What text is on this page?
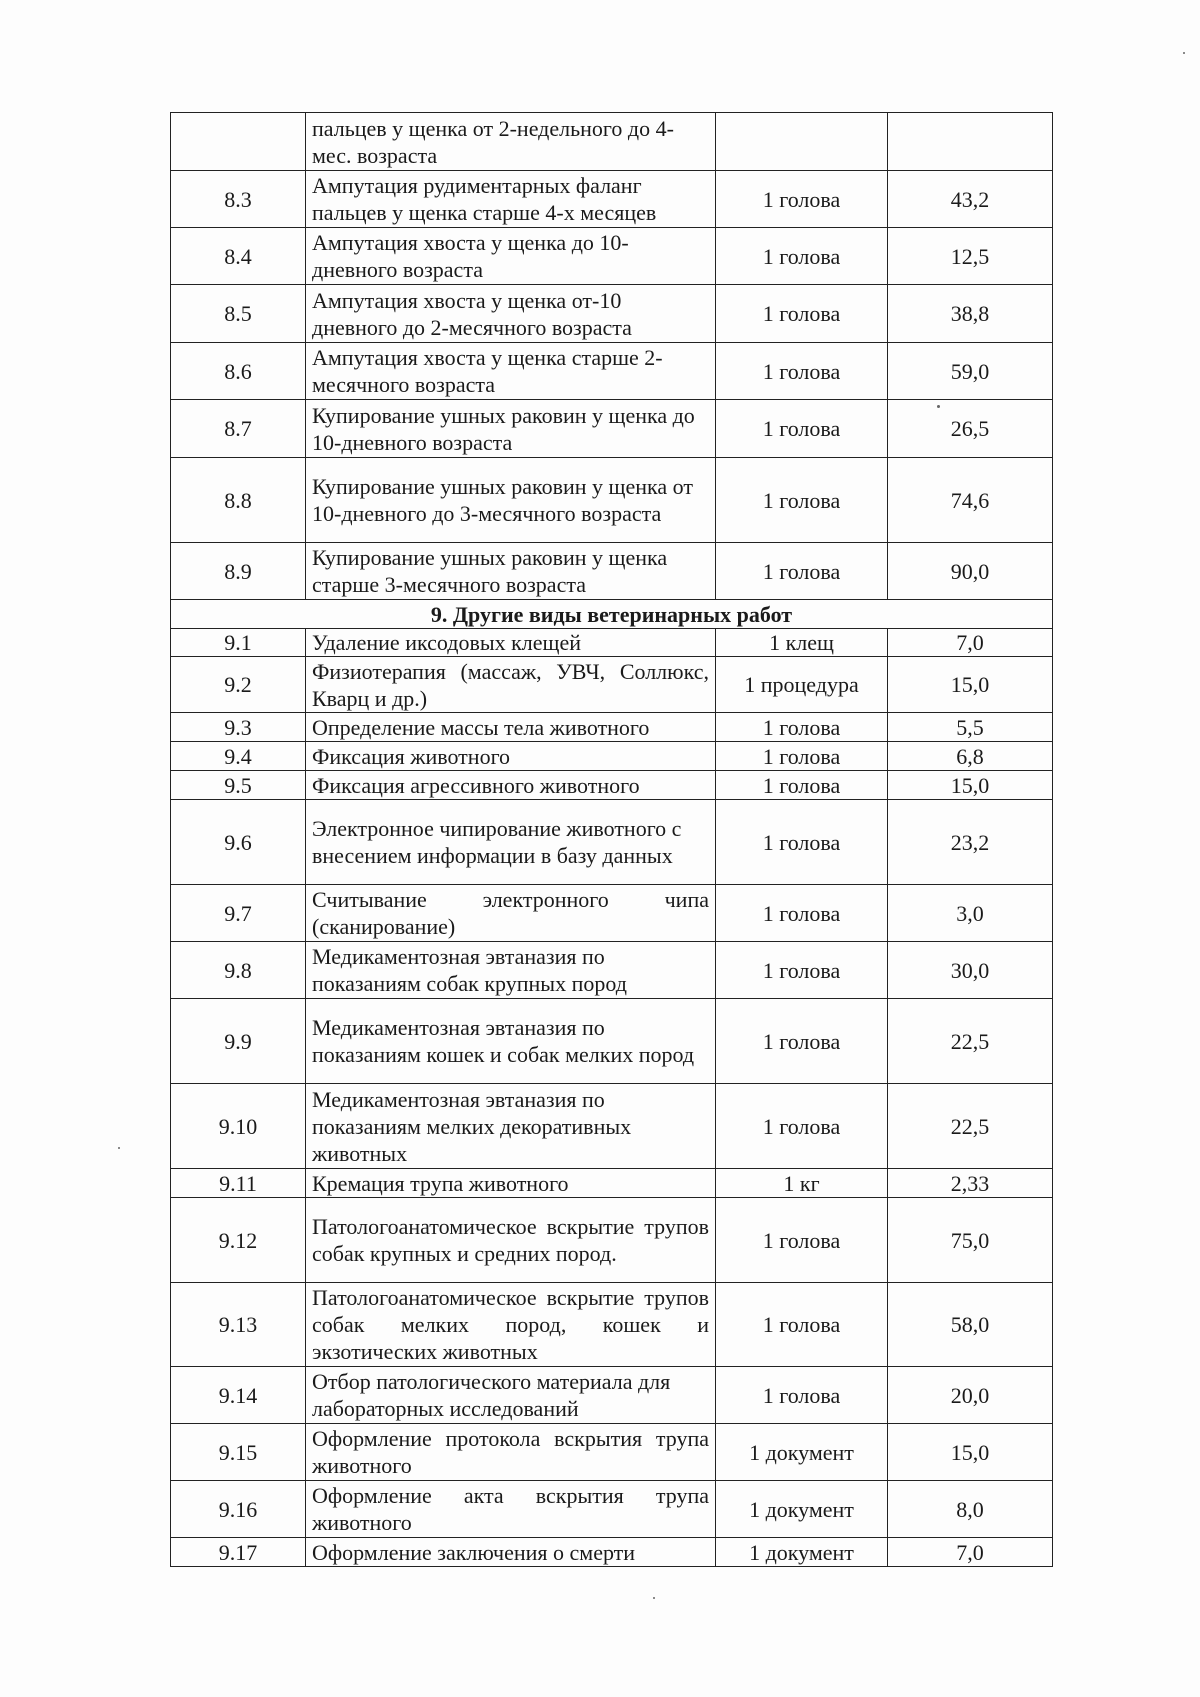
	пальцев у щенка от 2-недельного до 4-мес. возраста		
8.3	Ампутация рудиментарных фаланг пальцев у щенка старше 4-х месяцев	1 голова	43,2
8.4	Ампутация хвоста у щенка до 10-дневного возраста	1 голова	12,5
8.5	Ампутация хвоста у щенка от-10 дневного до 2-месячного возраста	1 голова	38,8
8.6	Ампутация хвоста у щенка старше 2-месячного возраста	1 голова	59,0
8.7	Купирование ушных раковин у щенка до 10-дневного возраста	1 голова	26,5
8.8	Купирование ушных раковин у щенка от 10-дневного до 3-месячного возраста	1 голова	74,6
8.9	Купирование ушных раковин у щенка старше 3-месячного возраста	1 голова	90,0
9. Другие виды ветеринарных работ			
9.1	Удаление иксодовых клещей	1 клещ	7,0
9.2	Физиотерапия (массаж, УВЧ, Соллюкс, Кварц и др.)	1 процедура	15,0
9.3	Определение массы тела животного	1 голова	5,5
9.4	Фиксация животного	1 голова	6,8
9.5	Фиксация агрессивного животного	1 голова	15,0
9.6	Электронное чипирование животного с внесением информации в базу данных	1 голова	23,2
9.7	Считывание электронного чипа (сканирование)	1 голова	3,0
9.8	Медикаментозная эвтаназия по показаниям собак крупных пород	1 голова	30,0
9.9	Медикаментозная эвтаназия по показаниям кошек и собак мелких пород	1 голова	22,5
9.10	Медикаментозная эвтаназия по показаниям мелких декоративных животных	1 голова	22,5
9.11	Кремация трупа животного	1 кг	2,33
9.12	Патологоанатомическое вскрытие трупов собак крупных и средних пород.	1 голова	75,0
9.13	Патологоанатомическое вскрытие трупов собак мелких пород, кошек и экзотических животных	1 голова	58,0
9.14	Отбор патологического материала для лабораторных исследований	1 голова	20,0
9.15	Оформление протокола вскрытия трупа животного	1 документ	15,0
9.16	Оформление акта вскрытия трупа животного	1 документ	8,0
9.17	Оформление заключения о смерти	1 документ	7,0
